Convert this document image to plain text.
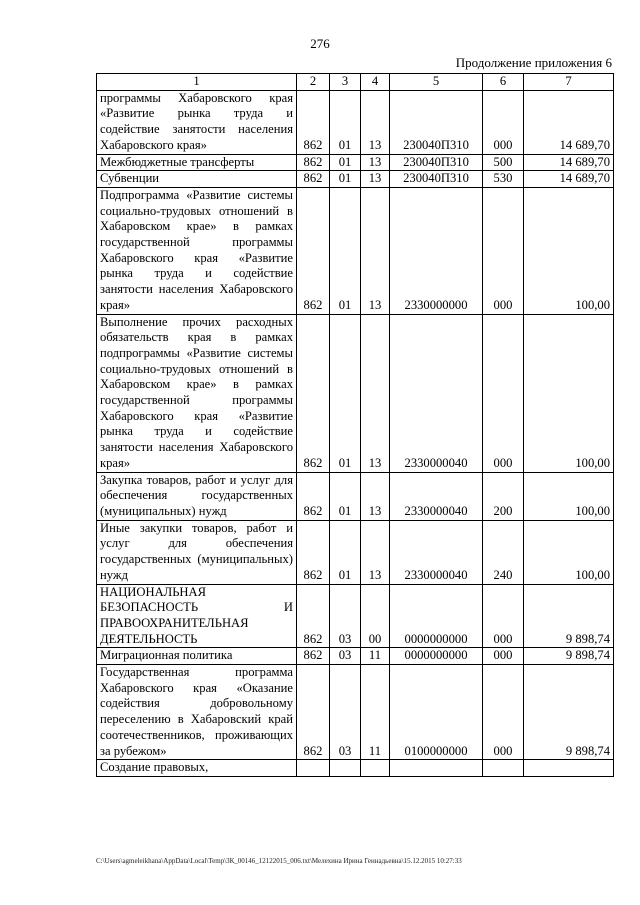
276
Продолжение приложения 6
1	2	3	4	5	6	7
программы Хабаровского края «Развитие рынка труда и содействие занятости населения Хабаровского края»	862	01	13	230040П310	000	14 689,70
Межбюджетные трансферты	862	01	13	230040П310	500	14 689,70
Субвенции	862	01	13	230040П310	530	14 689,70
Подпрограмма «Развитие системы социально-трудовых отношений в Хабаровском крае» в рамках государственной программы Хабаровского края «Развитие рынка труда и содействие занятости населения Хабаровского края»	862	01	13	2330000000	000	100,00
Выполнение прочих расходных обязательств края в рамках подпрограммы «Развитие системы социально-трудовых отношений в Хабаровском крае» в рамках государственной программы Хабаровского края «Развитие рынка труда и содействие занятости населения Хабаровского края»	862	01	13	2330000040	000	100,00
Закупка товаров, работ и услуг для обеспечения государственных (муниципальных) нужд	862	01	13	2330000040	200	100,00
Иные закупки товаров, работ и услуг для обеспечения государственных (муниципальных) нужд	862	01	13	2330000040	240	100,00
НАЦИОНАЛЬНАЯ БЕЗОПАСНОСТЬ И ПРАВООХРАНИТЕЛЬНАЯ ДЕЯТЕЛЬНОСТЬ	862	03	00	0000000000	000	9 898,74
Миграционная политика	862	03	11	0000000000	000	9 898,74
Государственная программа Хабаровского края «Оказание содействия добровольному переселению в Хабаровский край соотечественников, проживающих за рубежом»	862	03	11	0100000000	000	9 898,74
Создание правовых,						
C:\Users\agmeleikhana\AppData\Local\Temp\3К_00146_12122015_006.txt\Мелехина Ирина Геннадьевна\15.12.2015 10:27:33
